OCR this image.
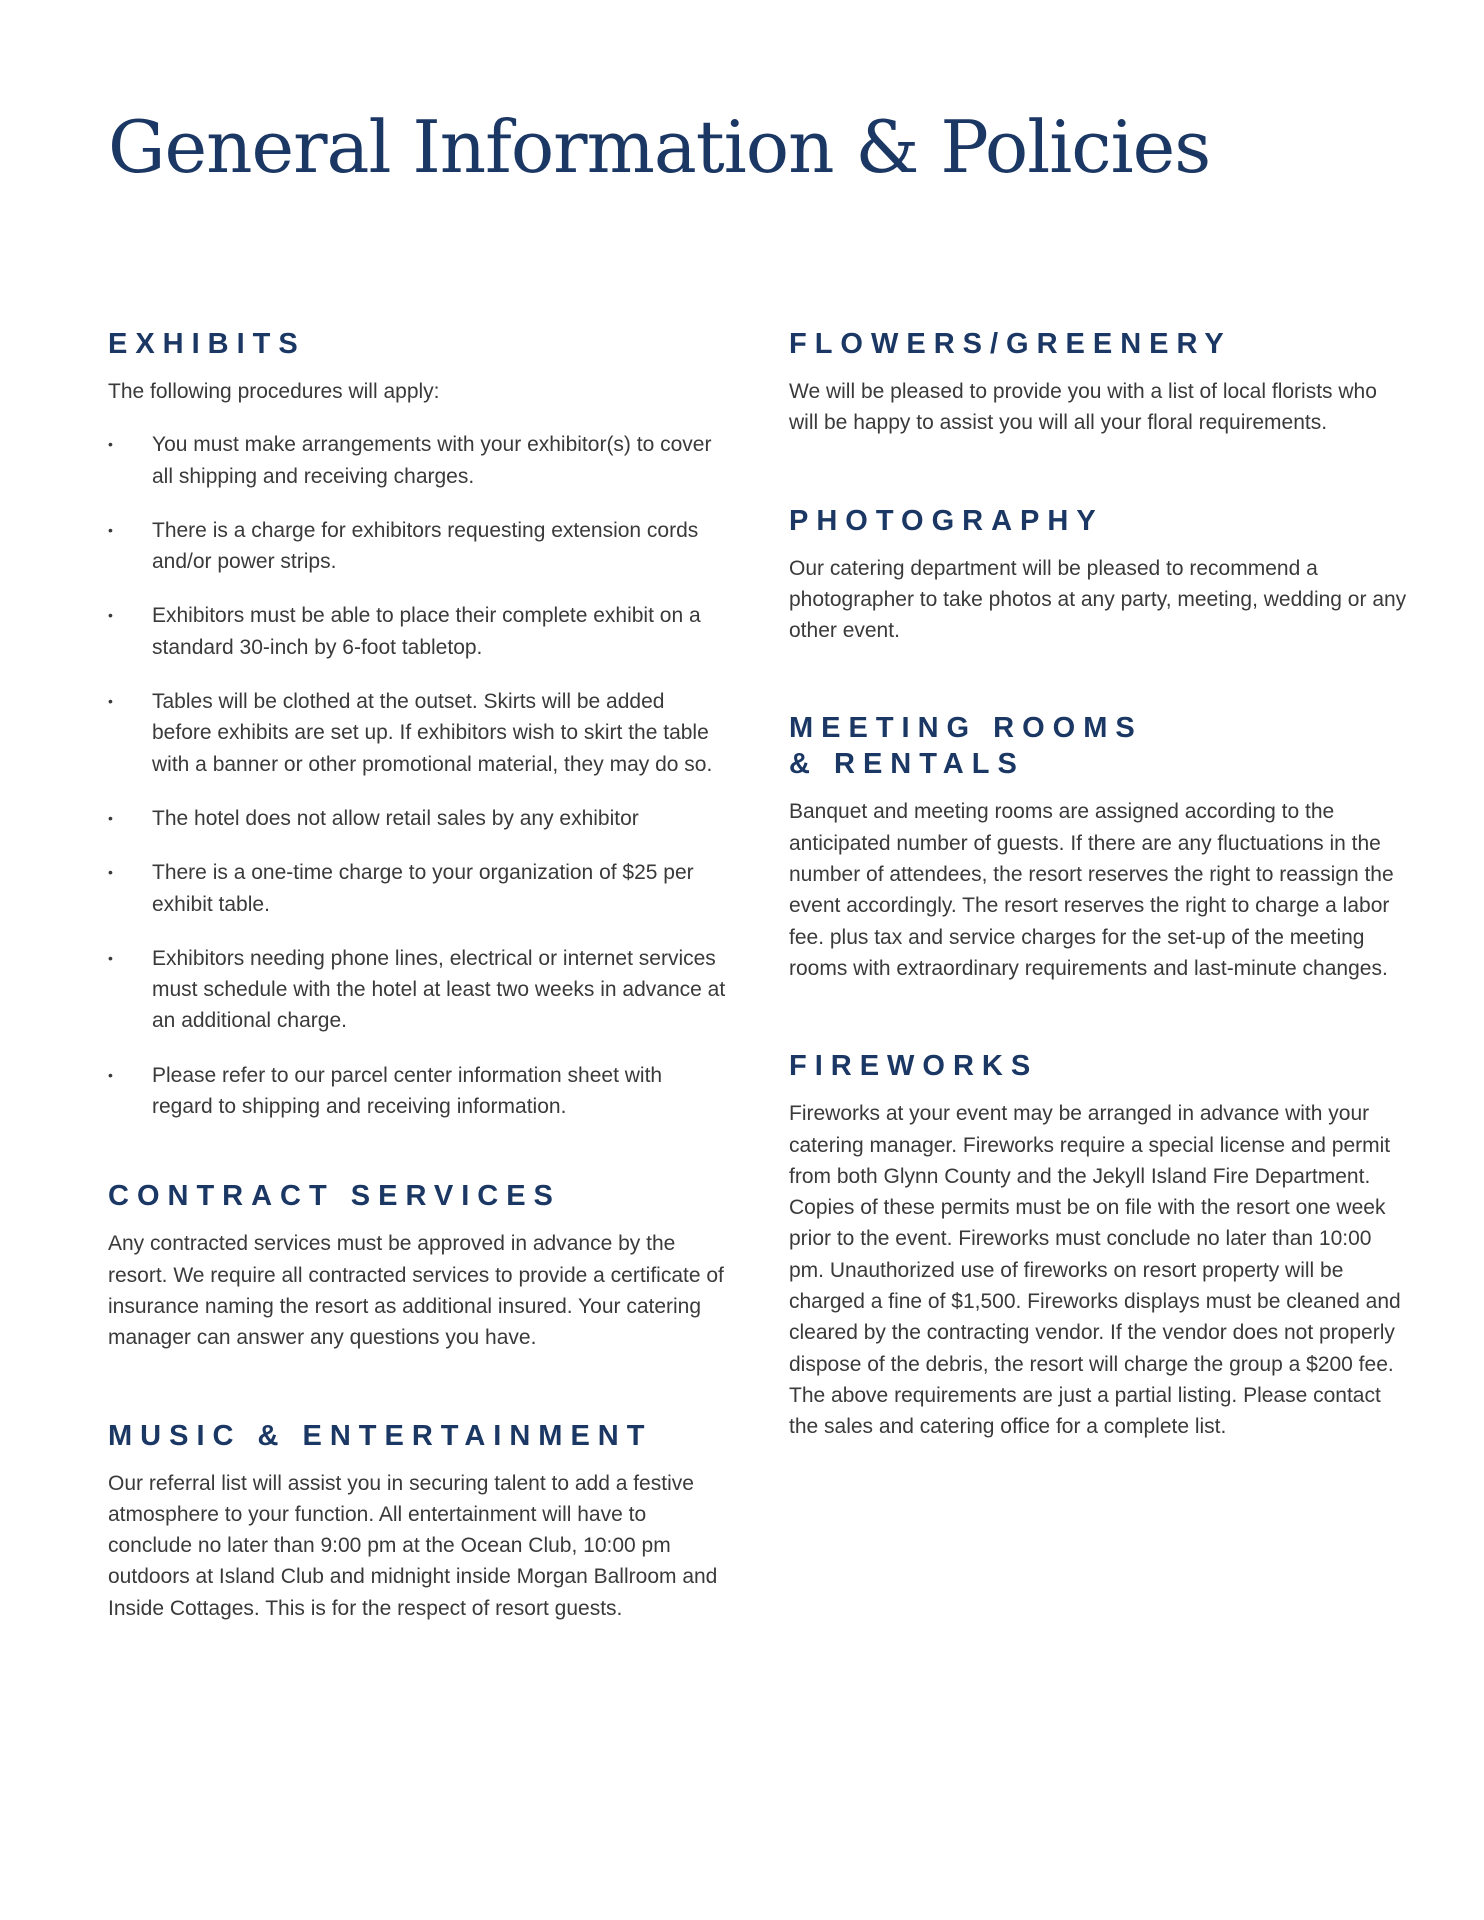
General Information & Policies
EXHIBITS

The following procedures will apply:

• You must make arrangements with your exhibitor(s) to cover all shipping and receiving charges.
• There is a charge for exhibitors requesting extension cords and/or power strips.
• Exhibitors must be able to place their complete exhibit on a standard 30-inch by 6-foot tabletop.
• Tables will be clothed at the outset. Skirts will be added before exhibits are set up. If exhibitors wish to skirt the table with a banner or other promotional material, they may do so.
• The hotel does not allow retail sales by any exhibitor
• There is a one-time charge to your organization of $25 per exhibit table.
• Exhibitors needing phone lines, electrical or internet services must schedule with the hotel at least two weeks in advance at an additional charge.
• Please refer to our parcel center information sheet with regard to shipping and receiving information.
CONTRACT SERVICES

Any contracted services must be approved in advance by the resort. We require all contracted services to provide a certificate of insurance naming the resort as additional insured. Your catering manager can answer any questions you have.

MUSIC & ENTERTAINMENT

Our referral list will assist you in securing talent to add a festive atmosphere to your function. All entertainment will have to conclude no later than 9:00 pm at the Ocean Club, 10:00 pm outdoors at Island Club and midnight inside Morgan Ballroom and Inside Cottages. This is for the respect of resort guests.

FLOWERS/GREENERY

We will be pleased to provide you with a list of local florists who will be happy to assist you will all your floral requirements.

PHOTOGRAPHY

Our catering department will be pleased to recommend a photographer to take photos at any party, meeting, wedding or any other event.

MEETING ROOMS
& RENTALS

Banquet and meeting rooms are assigned according to the anticipated number of guests. If there are any fluctuations in the number of attendees, the resort reserves the right to reassign the event accordingly. The resort reserves the right to charge a labor fee. plus tax and service charges for the set-up of the meeting rooms with extraordinary requirements and last-minute changes.

FIREWORKS

Fireworks at your event may be arranged in advance with your catering manager. Fireworks require a special license and permit from both Glynn County and the Jekyll Island Fire Department. Copies of these permits must be on file with the resort one week prior to the event. Fireworks must conclude no later than 10:00 pm. Unauthorized use of fireworks on resort property will be charged a fine of $1,500. Fireworks displays must be cleaned and cleared by the contracting vendor. If the vendor does not properly dispose of the debris, the resort will charge the group a $200 fee. The above requirements are just a partial listing. Please contact the sales and catering office for a complete list.
